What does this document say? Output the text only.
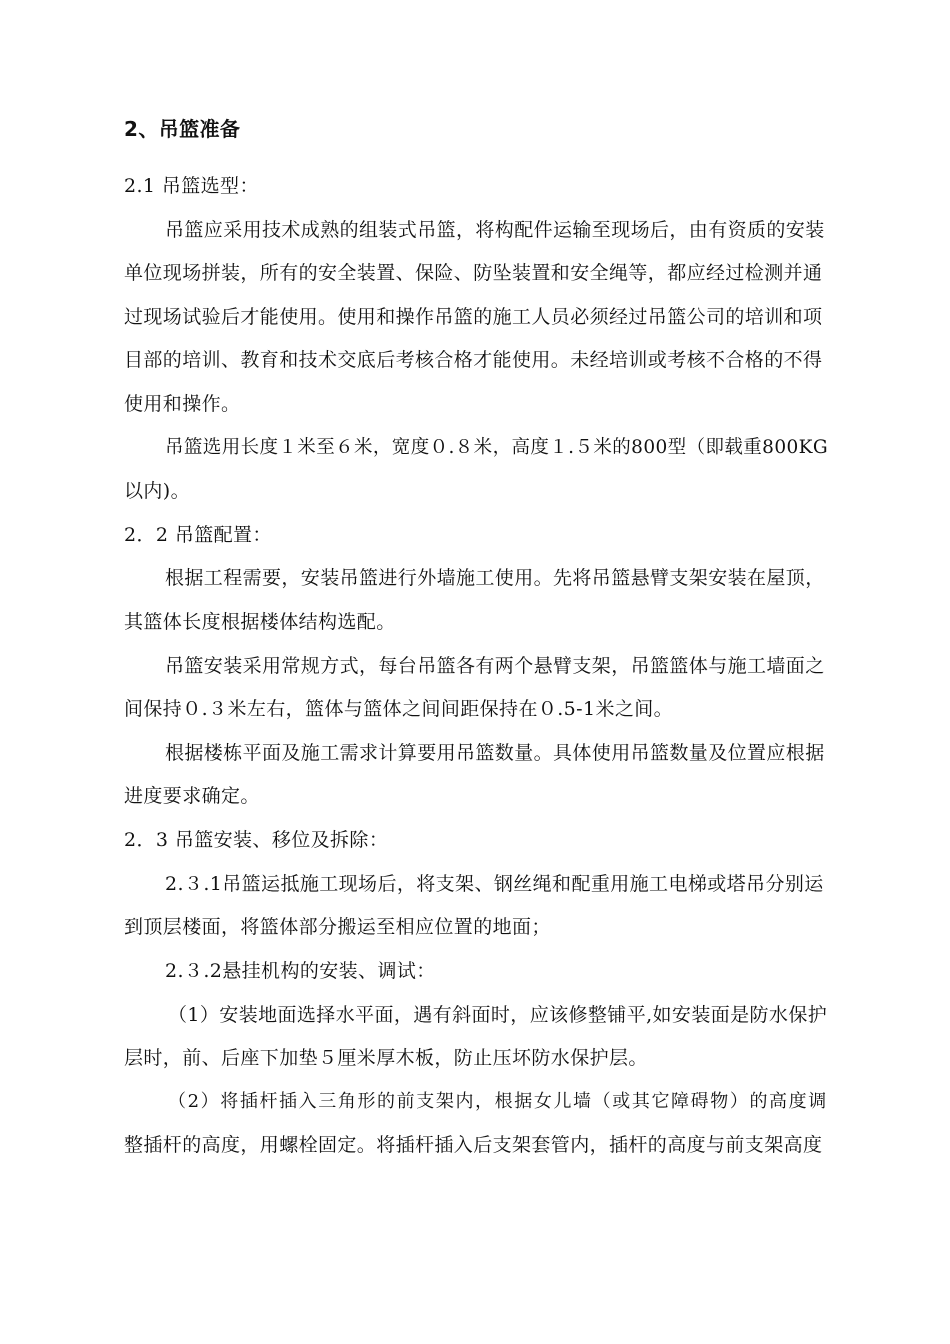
2、吊篮准备
2.1 吊篮选型：
吊篮应采用技术成熟的组装式吊篮，将构配件运输至现场后，由有资质的安装
单位现场拼装，所有的安全装置、保险、防坠装置和安全绳等，都应经过检测并通
过现场试验后才能使用。使用和操作吊篮的施工人员必须经过吊篮公司的培训和项
目部的培训、教育和技术交底后考核合格才能使用。未经培训或考核不合格的不得
使用和操作。
吊篮选用长度１米至６米，宽度０.８米，高度１.５米的800型（即载重800KG
以内)。
2．2 吊篮配置：
根据工程需要，安装吊篮进行外墙施工使用。先将吊篮悬臂支架安装在屋顶，
其篮体长度根据楼体结构选配。
吊篮安装采用常规方式，每台吊篮各有两个悬臂支架，吊篮篮体与施工墙面之
间保持０.３米左右，篮体与篮体之间间距保持在０.5-1米之间。
根据楼栋平面及施工需求计算要用吊篮数量。具体使用吊篮数量及位置应根据
进度要求确定。
2．3 吊篮安装、移位及拆除：
2.３.1吊篮运抵施工现场后，将支架、钢丝绳和配重用施工电梯或塔吊分别运
到顶层楼面，将篮体部分搬运至相应位置的地面；
2.３.2悬挂机构的安装、调试：
（1）安装地面选择水平面，遇有斜面时，应该修整铺平,如安装面是防水保护
层时，前、后座下加垫５厘米厚木板，防止压坏防水保护层。
（2）将插杆插入三角形的前支架内，根据女儿墙（或其它障碍物）的高度调
整插杆的高度，用螺栓固定。将插杆插入后支架套管内，插杆的高度与前支架高度
